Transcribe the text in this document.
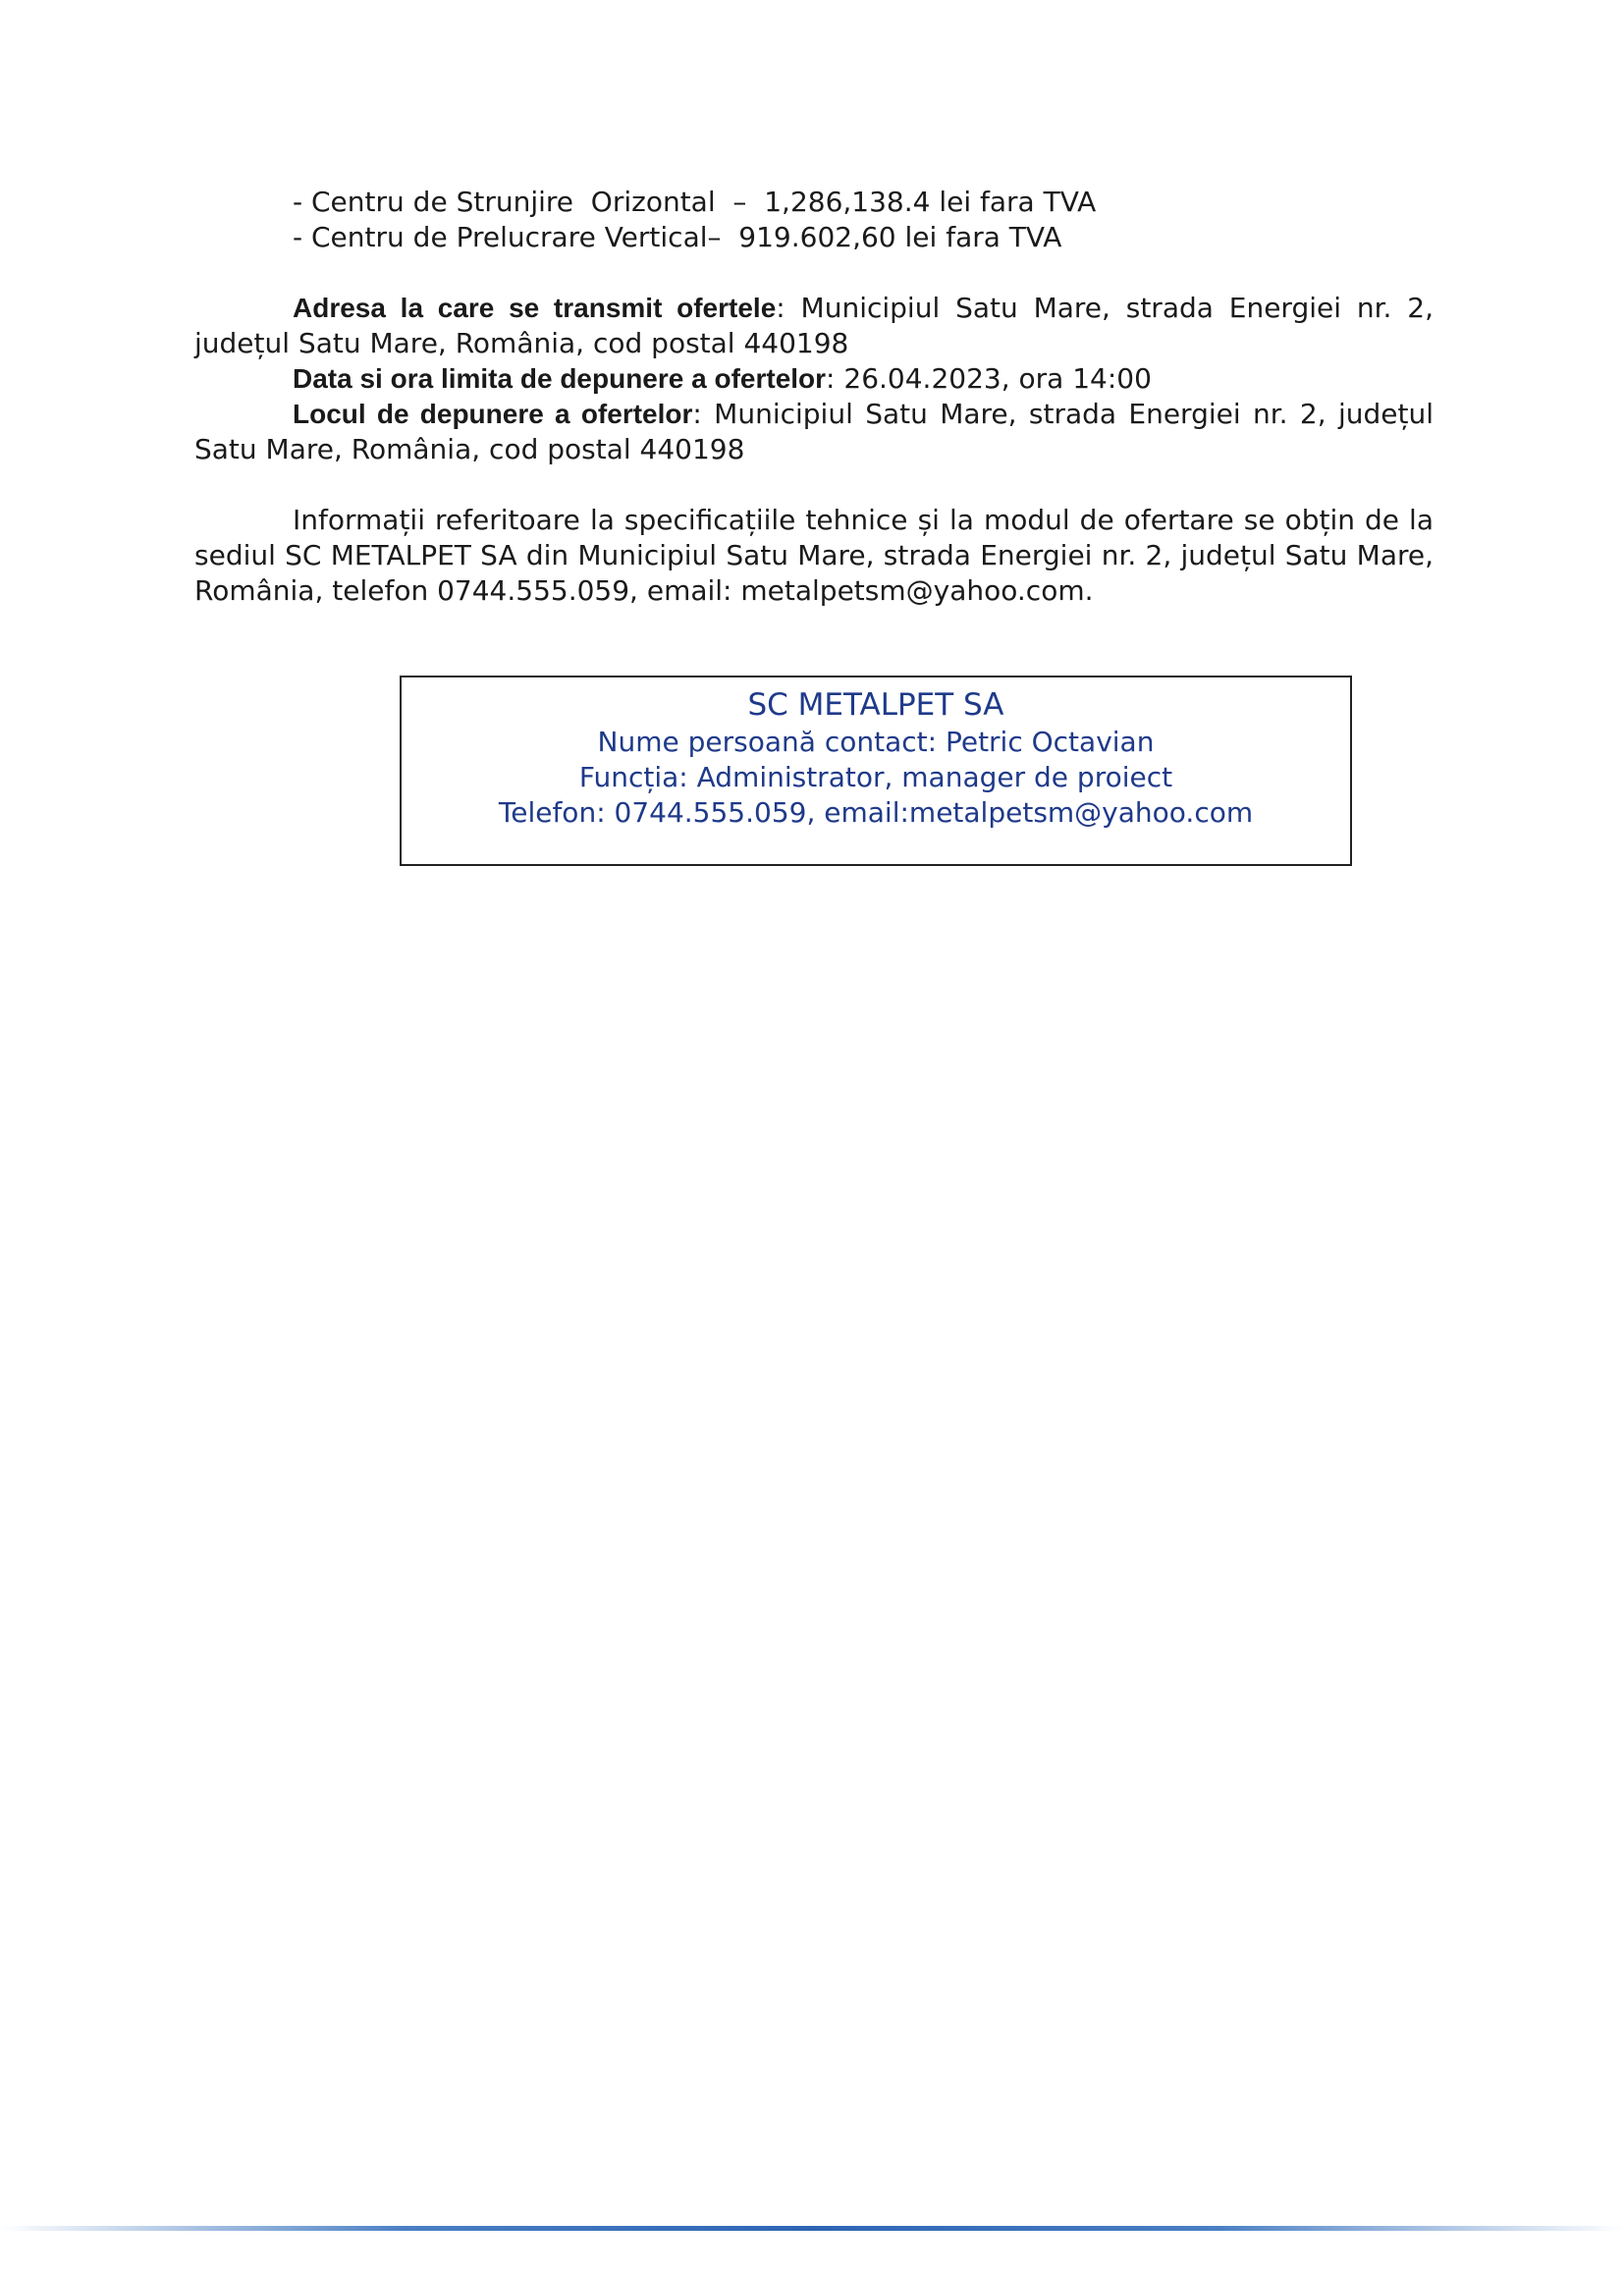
- Centru de Strunjire  Orizontal  –  1,286,138.4 lei fara TVA
- Centru de Prelucrare Vertical–  919.602,60 lei fara TVA
Adresa la care se transmit ofertele: Municipiul Satu Mare, strada Energiei nr. 2, județul Satu Mare, România, cod postal 440198
Data si ora limita de depunere a ofertelor: 26.04.2023, ora 14:00
Locul de depunere a ofertelor: Municipiul Satu Mare, strada Energiei nr. 2, județul Satu Mare, România, cod postal 440198
Informații referitoare la specificațiile tehnice și la modul de ofertare se obțin de la sediul SC METALPET SA din Municipiul Satu Mare, strada Energiei nr. 2, județul Satu Mare, România, telefon 0744.555.059, email: metalpetsm@yahoo.com.
SC METALPET SA
Nume persoană contact: Petric Octavian
Funcția: Administrator, manager de proiect
Telefon: 0744.555.059, email:metalpetsm@yahoo.com
